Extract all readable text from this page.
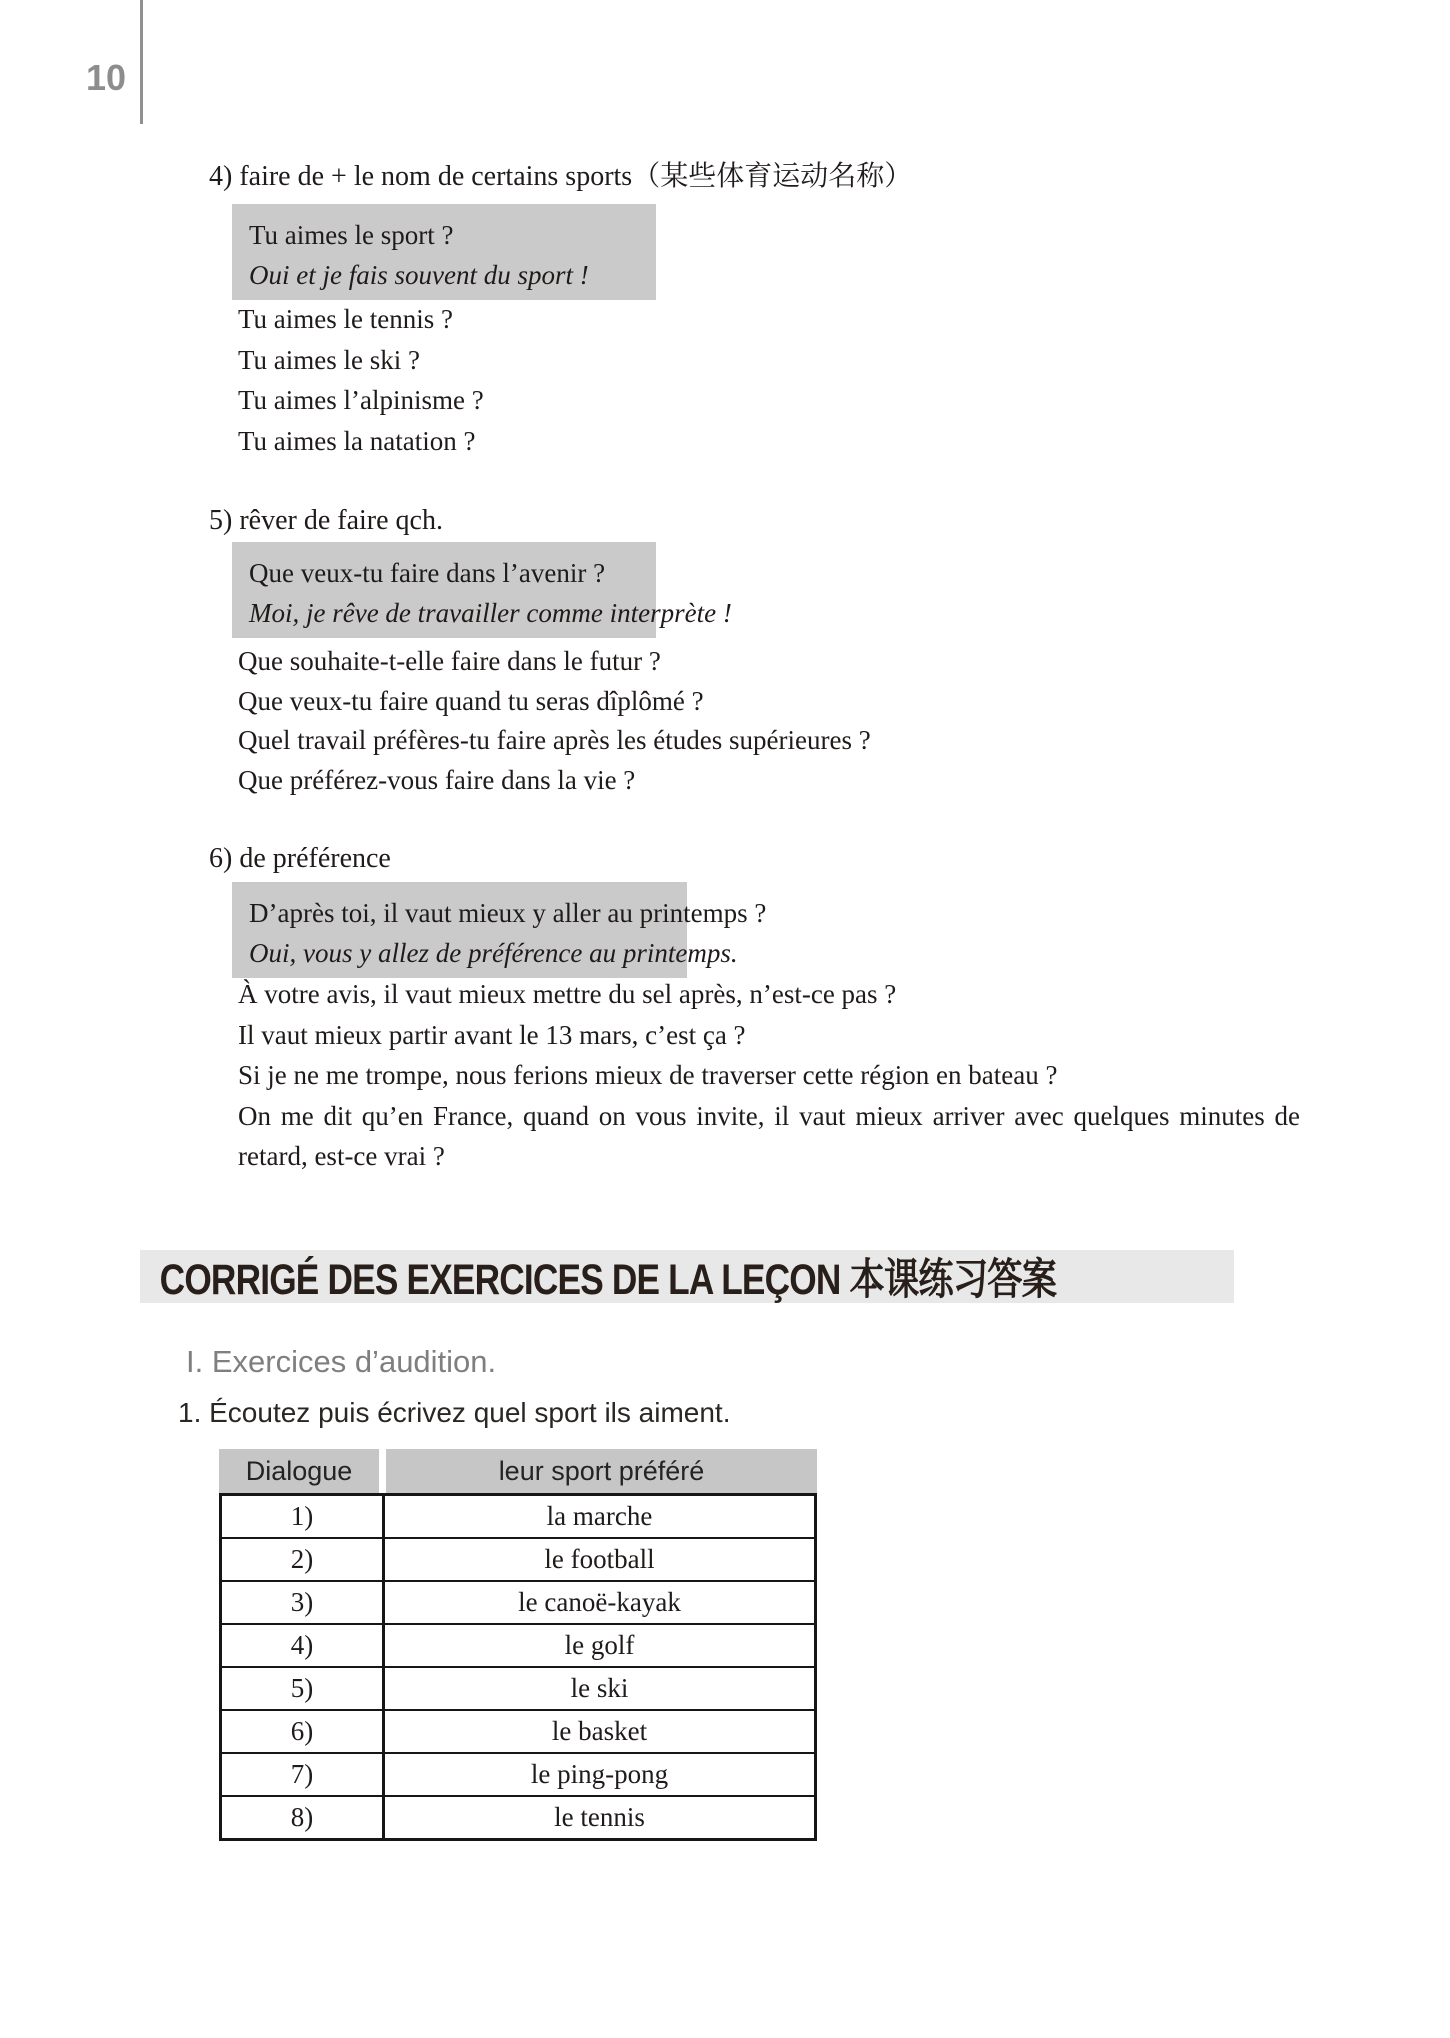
10
4) faire de + le nom de certains sports（某些体育运动名称）
Tu aimes le sport ?
Oui et je fais souvent du sport !
Tu aimes le tennis ?
Tu aimes le ski ?
Tu aimes l’alpinisme ?
Tu aimes la natation ?
5) rêver de faire qch.
Que veux-tu faire dans l’avenir ?
Moi, je rêve de travailler comme interprète !
Que souhaite-t-elle faire dans le futur ?
Que veux-tu faire quand tu seras dîplômé ?
Quel travail préfères-tu faire après les études supérieures ?
Que préférez-vous faire dans la vie ?
6) de préférence
D’après toi, il vaut mieux y aller au printemps ?
Oui, vous y allez de préférence au printemps.
À votre avis, il vaut mieux mettre du sel après, n’est-ce pas ?
Il vaut mieux partir avant le 13 mars, c’est ça ?
Si je ne me trompe, nous ferions mieux de traverser cette région en bateau ?
On me dit qu’en France, quand on vous invite, il vaut mieux arriver avec quelques minutes de retard, est-ce vrai ?
CORRIGÉ DES EXERCICES DE LA LEÇON 本课练习答案
I. Exercices d’audition.
1. Écoutez puis écrivez quel sport ils aiment.
Dialogue	leur sport préféré
1)	la marche
2)	le football
3)	le canoë-kayak
4)	le golf
5)	le ski
6)	le basket
7)	le ping-pong
8)	le tennis
